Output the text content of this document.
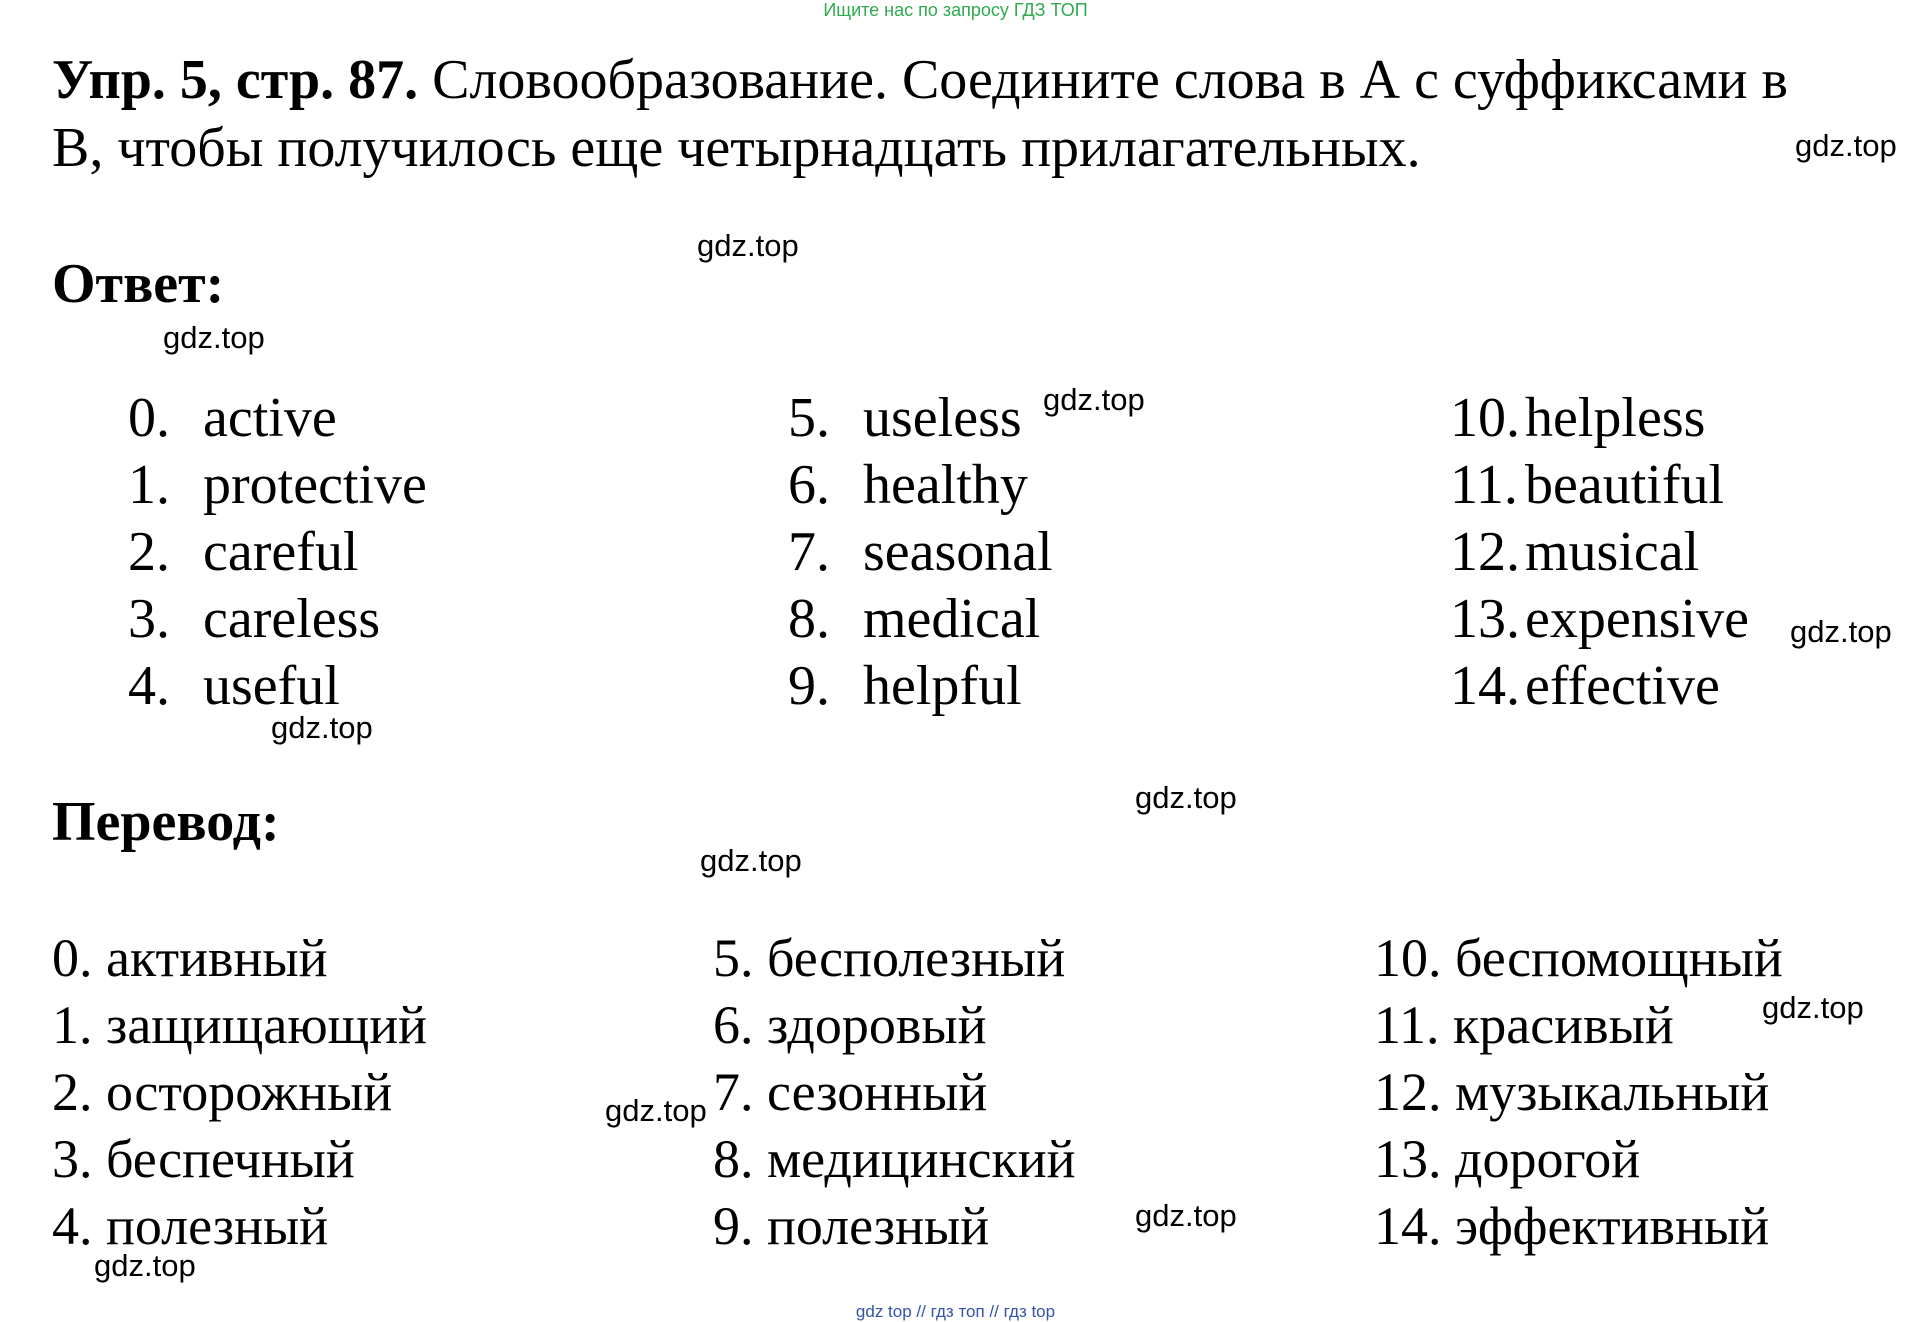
Ищите нас по запросу ГДЗ ТОП
Упр. 5, стр. 87. Словообразование. Соедините слова в А с суффиксами в
B, чтобы получилось еще четырнадцать прилагательных.
Ответ:
0. active
1. protective
2. careful
3. careless
4. useful
5. useless
6. healthy
7. seasonal
8. medical
9. helpful
10. helpless
11. beautiful
12. musical
13. expensive
14. effective
Перевод:
0. активный
1. защищающий
2. осторожный
3. беспечный
4. полезный
5. бесполезный
6. здоровый
7. сезонный
8. медицинский
9. полезный
10. беспомощный
11. красивый
12. музыкальный
13. дорогой
14. эффективный
gdz.top
gdz.top
gdz.top
gdz.top
gdz.top
gdz.top
gdz.top
gdz.top
gdz.top
gdz.top
gdz.top
gdz.top
gdz top // гдз топ // гдз top
